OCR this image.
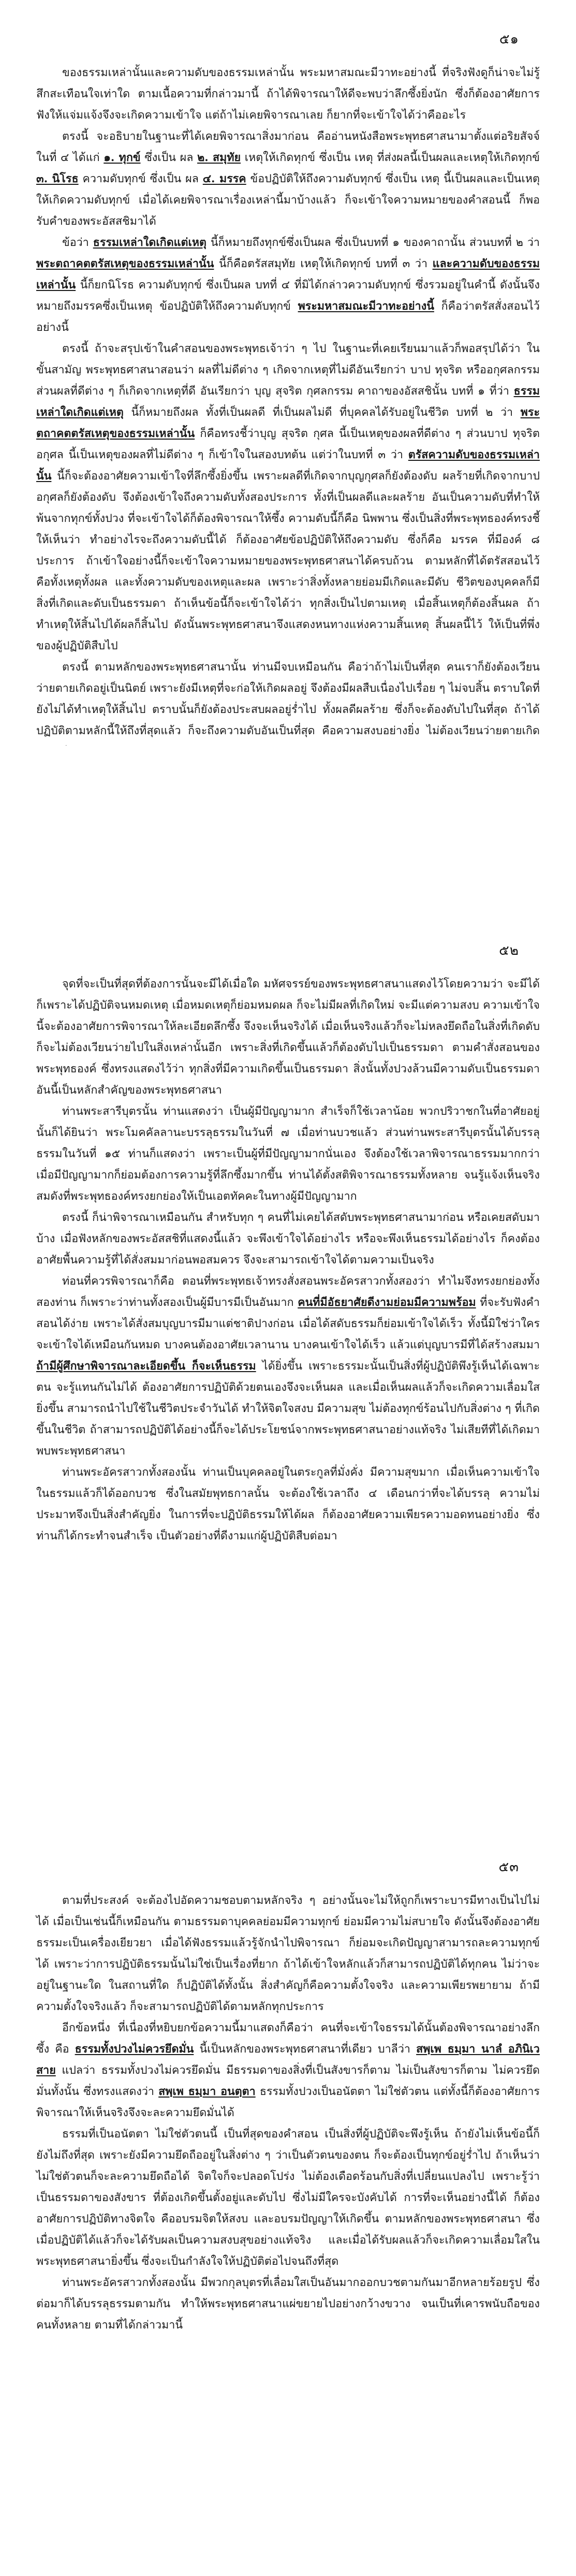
๕๑

ของธรรมเหล่านั้นและความดับของธรรมเหล่านั้น พระมหาสมณะมีวาทะอย่างนี้ ที่จริงฟังดูก็น่าจะไม่รู้สึกสะเทือนใจเท่าใด ตามเนื้อความที่กล่าวมานี้ ถ้าได้พิจารณาให้ดีจะพบว่าลึกซึ้งยิ่งนัก ซึ่งก็ต้องอาศัยการฟังให้แจ่มแจ้งจึงจะเกิดความเข้าใจ แต่ถ้าไม่เคยพิจารณาเลย ก็ยากที่จะเข้าใจได้ว่าคืออะไร

ตรงนี้ จะอธิบายในฐานะที่ได้เคยพิจารณาสิ่งมาก่อน คืออ่านหนังสือพระพุทธศาสนามาตั้งแต่อริยสัจจ์ในที่ ๔ ได้แก่ ๑. ทุกข์ ซึ่งเป็น ผล ๒. สมุทัย เหตุให้เกิดทุกข์ ซึ่งเป็น เหตุ ที่ส่งผลนี้เป็นผลและเหตุให้เกิดทุกข์ ๓. นิโรธ ความดับทุกข์ ซึ่งเป็น ผล ๔. มรรค ข้อปฏิบัติให้ถึงความดับทุกข์ ซึ่งเป็น เหตุ นี้เป็นผลและเป็นเหตุให้เกิดความดับทุกข์ เมื่อได้เคยพิจารณาเรื่องเหล่านี้มาบ้างแล้ว ก็จะเข้าใจความหมายของคำสอนนี้ ก็พอรับคำของพระอัสสชิมาได้

ข้อว่า ธรรมเหล่าใดเกิดแต่เหตุ นี้ก็หมายถึงทุกข์ซึ่งเป็นผล ซึ่งเป็นบทที่ ๑ ของคาถานั้น ส่วนบทที่ ๒ ว่า พระตถาคตตรัสเหตุของธรรมเหล่านั้น นี้ก็คือตรัสสมุทัย เหตุให้เกิดทุกข์ บทที่ ๓ ว่า และความดับของธรรมเหล่านั้น นี้ก็ยกนิโรธ ความดับทุกข์ ซึ่งเป็นผล บทที่ ๔ ที่มิได้กล่าวความดับทุกข์ ซึ่งรวมอยู่ในคำนี้ ดังนั้นจึงหมายถึงมรรคซึ่งเป็นเหตุ ข้อปฏิบัติให้ถึงความดับทุกข์ พระมหาสมณะมีวาทะอย่างนี้ ก็คือว่าตรัสสั่งสอนไว้อย่างนี้

ตรงนี้ ถ้าจะสรุปเข้าในคำสอนของพระพุทธเจ้าว่า ๆ ไป ในฐานะที่เคยเรียนมาแล้วก็พอสรุปได้ว่า ในขั้นสามัญ พระพุทธศาสนาสอนว่า ผลที่ไม่ดีต่าง ๆ เกิดจากเหตุที่ไม่ดีอันเรียกว่า บาป ทุจริต หรืออกุศลกรรม ส่วนผลที่ดีต่าง ๆ ก็เกิดจากเหตุที่ดี อันเรียกว่า บุญ สุจริต กุศลกรรม คาถาของอัสสชินั้น บทที่ ๑ ที่ว่า ธรรมเหล่าใดเกิดแต่เหตุ นี้ก็หมายถึงผล ทั้งที่เป็นผลดี ที่เป็นผลไม่ดี ที่บุคคลได้รับอยู่ในชีวิต บทที่ ๒ ว่า พระตถาคตตรัสเหตุของธรรมเหล่านั้น ก็คือทรงชี้ว่าบุญ สุจริต กุศล นี้เป็นเหตุของผลที่ดีต่าง ๆ ส่วนบาป ทุจริต อกุศล นี้เป็นเหตุของผลที่ไม่ดีต่าง ๆ ก็เข้าใจในสองบทต้น แต่ว่าในบทที่ ๓ ว่า ตรัสความดับของธรรมเหล่านั้น นี้ก็จะต้องอาศัยความเข้าใจที่ลึกซึ้งยิ่งขึ้น เพราะผลดีที่เกิดจากบุญกุศลก็ยังต้องดับ ผลร้ายที่เกิดจากบาปอกุศลก็ยังต้องดับ จึงต้องเข้าใจถึงความดับทั้งสองประการ ทั้งที่เป็นผลดีและผลร้าย อันเป็นความดับที่ทำให้พ้นจากทุกข์ทั้งปวง ที่จะเข้าใจได้ก็ต้องพิจารณาให้ซึ้ง ความดับนี้ก็คือ นิพพาน ซึ่งเป็นสิ่งที่พระพุทธองค์ทรงชี้ให้เห็นว่า ทำอย่างไรจะถึงความดับนี้ได้ ก็ต้องอาศัยข้อปฏิบัติให้ถึงความดับ ซึ่งก็คือ มรรค ที่มีองค์ ๘ ประการ ถ้าเข้าใจอย่างนี้ก็จะเข้าใจความหมายของพระพุทธศาสนาได้ครบถ้วน ตามหลักที่ได้ตรัสสอนไว้ คือทั้งเหตุทั้งผล และทั้งความดับของเหตุและผล เพราะว่าสิ่งทั้งหลายย่อมมีเกิดและมีดับ ชีวิตของบุคคลก็มีสิ่งที่เกิดและดับเป็นธรรมดา ถ้าเห็นข้อนี้ก็จะเข้าใจได้ว่า ทุกสิ่งเป็นไปตามเหตุ เมื่อสิ้นเหตุก็ต้องสิ้นผล ถ้าทำเหตุให้สิ้นไปได้ผลก็สิ้นไป ดังนั้นพระพุทธศาสนาจึงแสดงหนทางแห่งความสิ้นเหตุ สิ้นผลนี้ไว้ ให้เป็นที่พึ่งของผู้ปฏิบัติสืบไป

ตรงนี้ ตามหลักของพระพุทธศาสนานั้น ท่านมีจบเหมือนกัน คือว่าถ้าไม่เป็นที่สุด คนเราก็ยังต้องเวียนว่ายตายเกิดอยู่เป็นนิตย์ เพราะยังมีเหตุที่จะก่อให้เกิดผลอยู่ จึงต้องมีผลสืบเนื่องไปเรื่อย ๆ ไม่จบสิ้น ตราบใดที่ยังไม่ได้ทำเหตุให้สิ้นไป ตราบนั้นก็ยังต้องประสบผลอยู่ร่ำไป ทั้งผลดีผลร้าย ซึ่งก็จะต้องดับไปในที่สุด ถ้าได้ปฏิบัติตามหลักนี้ให้ถึงที่สุดแล้ว ก็จะถึงความดับอันเป็นที่สุด คือความสงบอย่างยิ่ง ไม่ต้องเวียนว่ายตายเกิด

๕๒

จุดที่จะเป็นที่สุดที่ต้องการนั้นจะมีได้เมื่อใด มหัศจรรย์ของพระพุทธศาสนาแสดงไว้โดยความว่า จะมีได้ก็เพราะได้ปฏิบัติจนหมดเหตุ เมื่อหมดเหตุก็ย่อมหมดผล ก็จะไม่มีผลที่เกิดใหม่ จะมีแต่ความสงบ ความเข้าใจนี้จะต้องอาศัยการพิจารณาให้ละเอียดลึกซึ้ง จึงจะเห็นจริงได้ เมื่อเห็นจริงแล้วก็จะไม่หลงยึดถือในสิ่งที่เกิดดับ ก็จะไม่ต้องเวียนว่ายไปในสิ่งเหล่านั้นอีก เพราะสิ่งที่เกิดขึ้นแล้วก็ต้องดับไปเป็นธรรมดา ตามคำสั่งสอนของพระพุทธองค์ ซึ่งทรงแสดงไว้ว่า ทุกสิ่งที่มีความเกิดขึ้นเป็นธรรมดา สิ่งนั้นทั้งปวงล้วนมีความดับเป็นธรรมดา อันนี้เป็นหลักสำคัญของพระพุทธศาสนา

ท่านพระสารีบุตรนั้น ท่านแสดงว่า เป็นผู้มีปัญญามาก สำเร็จก็ใช้เวลาน้อย พวกปริวาชกในที่อาศัยอยู่นั้นก็ได้ยินว่า พระโมคคัลลานะบรรลุธรรมในวันที่ ๗ เมื่อท่านบวชแล้ว ส่วนท่านพระสารีบุตรนั้นได้บรรลุธรรมในวันที่ ๑๕ ท่านก็แสดงว่า เพราะเป็นผู้ที่มีปัญญามากนั่นเอง จึงต้องใช้เวลาพิจารณาธรรมมากกว่า เมื่อมีปัญญามากก็ย่อมต้องการความรู้ที่ลึกซึ้งมากขึ้น ท่านได้ตั้งสติพิจารณาธรรมทั้งหลาย จนรู้แจ้งเห็นจริง สมดังที่พระพุทธองค์ทรงยกย่องให้เป็นเอตทัคคะในทางผู้มีปัญญามาก

ตรงนี้ ก็น่าพิจารณาเหมือนกัน สำหรับทุก ๆ คนที่ไม่เคยได้สดับพระพุทธศาสนามาก่อน หรือเคยสดับมาบ้าง เมื่อฟังหลักของพระอัสสชิที่แสดงนี้แล้ว จะพึงเข้าใจได้อย่างไร หรือจะพึงเห็นธรรมได้อย่างไร ก็คงต้องอาศัยพื้นความรู้ที่ได้สั่งสมมาก่อนพอสมควร จึงจะสามารถเข้าใจได้ตามความเป็นจริง

ท่อนที่ควรพิจารณาก็คือ ตอนที่พระพุทธเจ้าทรงสั่งสอนพระอัครสาวกทั้งสองว่า ทำไมจึงทรงยกย่องทั้งสองท่าน ก็เพราะว่าท่านทั้งสองเป็นผู้มีบารมีเป็นอันมาก คนที่มีอัธยาศัยดีงามย่อมมีความพร้อม ที่จะรับฟังคำสอนได้ง่าย เพราะได้สั่งสมบุญบารมีมาแต่ชาติปางก่อน เมื่อได้สดับธรรมก็ย่อมเข้าใจได้เร็ว ทั้งนี้มิใช่ว่าใครจะเข้าใจได้เหมือนกันหมด บางคนต้องอาศัยเวลานาน บางคนเข้าใจได้เร็ว แล้วแต่บุญบารมีที่ได้สร้างสมมา ถ้ามีผู้ศึกษาพิจารณาละเอียดขึ้น ก็จะเห็นธรรม ได้ยิ่งขึ้น เพราะธรรมะนั้นเป็นสิ่งที่ผู้ปฏิบัติพึงรู้เห็นได้เฉพาะตน จะรู้แทนกันไม่ได้ ต้องอาศัยการปฏิบัติด้วยตนเองจึงจะเห็นผล และเมื่อเห็นผลแล้วก็จะเกิดความเลื่อมใสยิ่งขึ้น สามารถนำไปใช้ในชีวิตประจำวันได้ ทำให้จิตใจสงบ มีความสุข ไม่ต้องทุกข์ร้อนไปกับสิ่งต่าง ๆ ที่เกิดขึ้นในชีวิต ถ้าสามารถปฏิบัติได้อย่างนี้ก็จะได้ประโยชน์จากพระพุทธศาสนาอย่างแท้จริง ไม่เสียทีที่ได้เกิดมาพบพระพุทธศาสนา

ท่านพระอัครสาวกทั้งสองนั้น ท่านเป็นบุคคลอยู่ในตระกูลที่มั่งคั่ง มีความสุขมาก เมื่อเห็นความเข้าใจในธรรมแล้วก็ได้ออกบวช ซึ่งในสมัยพุทธกาลนั้น จะต้องใช้เวลาถึง ๔ เดือนกว่าที่จะได้บรรลุ ความไม่ประมาทจึงเป็นสิ่งสำคัญยิ่ง ในการที่จะปฏิบัติธรรมให้ได้ผล ก็ต้องอาศัยความเพียรความอดทนอย่างยิ่ง ซึ่งท่านก็ได้กระทำจนสำเร็จ เป็นตัวอย่างที่ดีงามแก่ผู้ปฏิบัติสืบต่อมา

๕๓

ตามที่ประสงค์ จะต้องไปอัดความชอบตามหลักจริง ๆ อย่างนั้นจะไม่ให้ถูกก็เพราะบารมีทางเป็นไปไม่ได้ เมื่อเป็นเช่นนี้ก็เหมือนกัน ตามธรรมดาบุคคลย่อมมีความทุกข์ ย่อมมีความไม่สบายใจ ดังนั้นจึงต้องอาศัยธรรมะเป็นเครื่องเยียวยา เมื่อได้ฟังธรรมแล้วรู้จักนำไปพิจารณา ก็ย่อมจะเกิดปัญญาสามารถละความทุกข์ได้ เพราะว่าการปฏิบัติธรรมนั้นไม่ใช่เป็นเรื่องที่ยาก ถ้าได้เข้าใจหลักแล้วก็สามารถปฏิบัติได้ทุกคน ไม่ว่าจะอยู่ในฐานะใด ในสถานที่ใด ก็ปฏิบัติได้ทั้งนั้น สิ่งสำคัญก็คือความตั้งใจจริง และความเพียรพยายาม ถ้ามีความตั้งใจจริงแล้ว ก็จะสามารถปฏิบัติได้ตามหลักทุกประการ

อีกข้อหนึ่ง ที่เนื่องที่หยิบยกข้อความนี้มาแสดงก็คือว่า คนที่จะเข้าใจธรรมได้นั้นต้องพิจารณาอย่างลึกซึ้ง คือ ธรรมทั้งปวงไม่ควรยึดมั่น นี้เป็นหลักของพระพุทธศาสนาที่เดียว บาลีว่า สพฺเพ ธมฺมา นาลํ อภินิเวสาย แปลว่า ธรรมทั้งปวงไม่ควรยึดมั่น มีธรรมดาของสิ่งที่เป็นสังขารก็ตาม ไม่เป็นสังขารก็ตาม ไม่ควรยึดมั่นทั้งนั้น ซึ่งทรงแสดงว่า สพฺเพ ธมฺมา อนตฺตา ธรรมทั้งปวงเป็นอนัตตา ไม่ใช่ตัวตน แต่ทั้งนี้ก็ต้องอาศัยการพิจารณาให้เห็นจริงจึงจะละความยึดมั่นได้

ธรรมที่เป็นอนัตตา ไม่ใช่ตัวตนนี้ เป็นที่สุดของคำสอน เป็นสิ่งที่ผู้ปฏิบัติจะพึงรู้เห็น ถ้ายังไม่เห็นข้อนี้ก็ยังไม่ถึงที่สุด เพราะยังมีความยึดถืออยู่ในสิ่งต่าง ๆ ว่าเป็นตัวตนของตน ก็จะต้องเป็นทุกข์อยู่ร่ำไป ถ้าเห็นว่าไม่ใช่ตัวตนก็จะละความยึดถือได้ จิตใจก็จะปลอดโปร่ง ไม่ต้องเดือดร้อนกับสิ่งที่เปลี่ยนแปลงไป เพราะรู้ว่าเป็นธรรมดาของสังขาร ที่ต้องเกิดขึ้นตั้งอยู่และดับไป ซึ่งไม่มีใครจะบังคับได้ การที่จะเห็นอย่างนี้ได้ ก็ต้องอาศัยการปฏิบัติทางจิตใจ คืออบรมจิตให้สงบ และอบรมปัญญาให้เกิดขึ้น ตามหลักของพระพุทธศาสนา ซึ่งเมื่อปฏิบัติได้แล้วก็จะได้รับผลเป็นความสงบสุขอย่างแท้จริง และเมื่อได้รับผลแล้วก็จะเกิดความเลื่อมใสในพระพุทธศาสนายิ่งขึ้น ซึ่งจะเป็นกำลังใจให้ปฏิบัติต่อไปจนถึงที่สุด

ท่านพระอัครสาวกทั้งสองนั้น มีพวกกุลบุตรที่เลื่อมใสเป็นอันมากออกบวชตามกันมาอีกหลายร้อยรูป ซึ่งต่อมาก็ได้บรรลุธรรมตามกัน ทำให้พระพุทธศาสนาแผ่ขยายไปอย่างกว้างขวาง จนเป็นที่เคารพนับถือของคนทั้งหลาย ตามที่ได้กล่าวมานี้
